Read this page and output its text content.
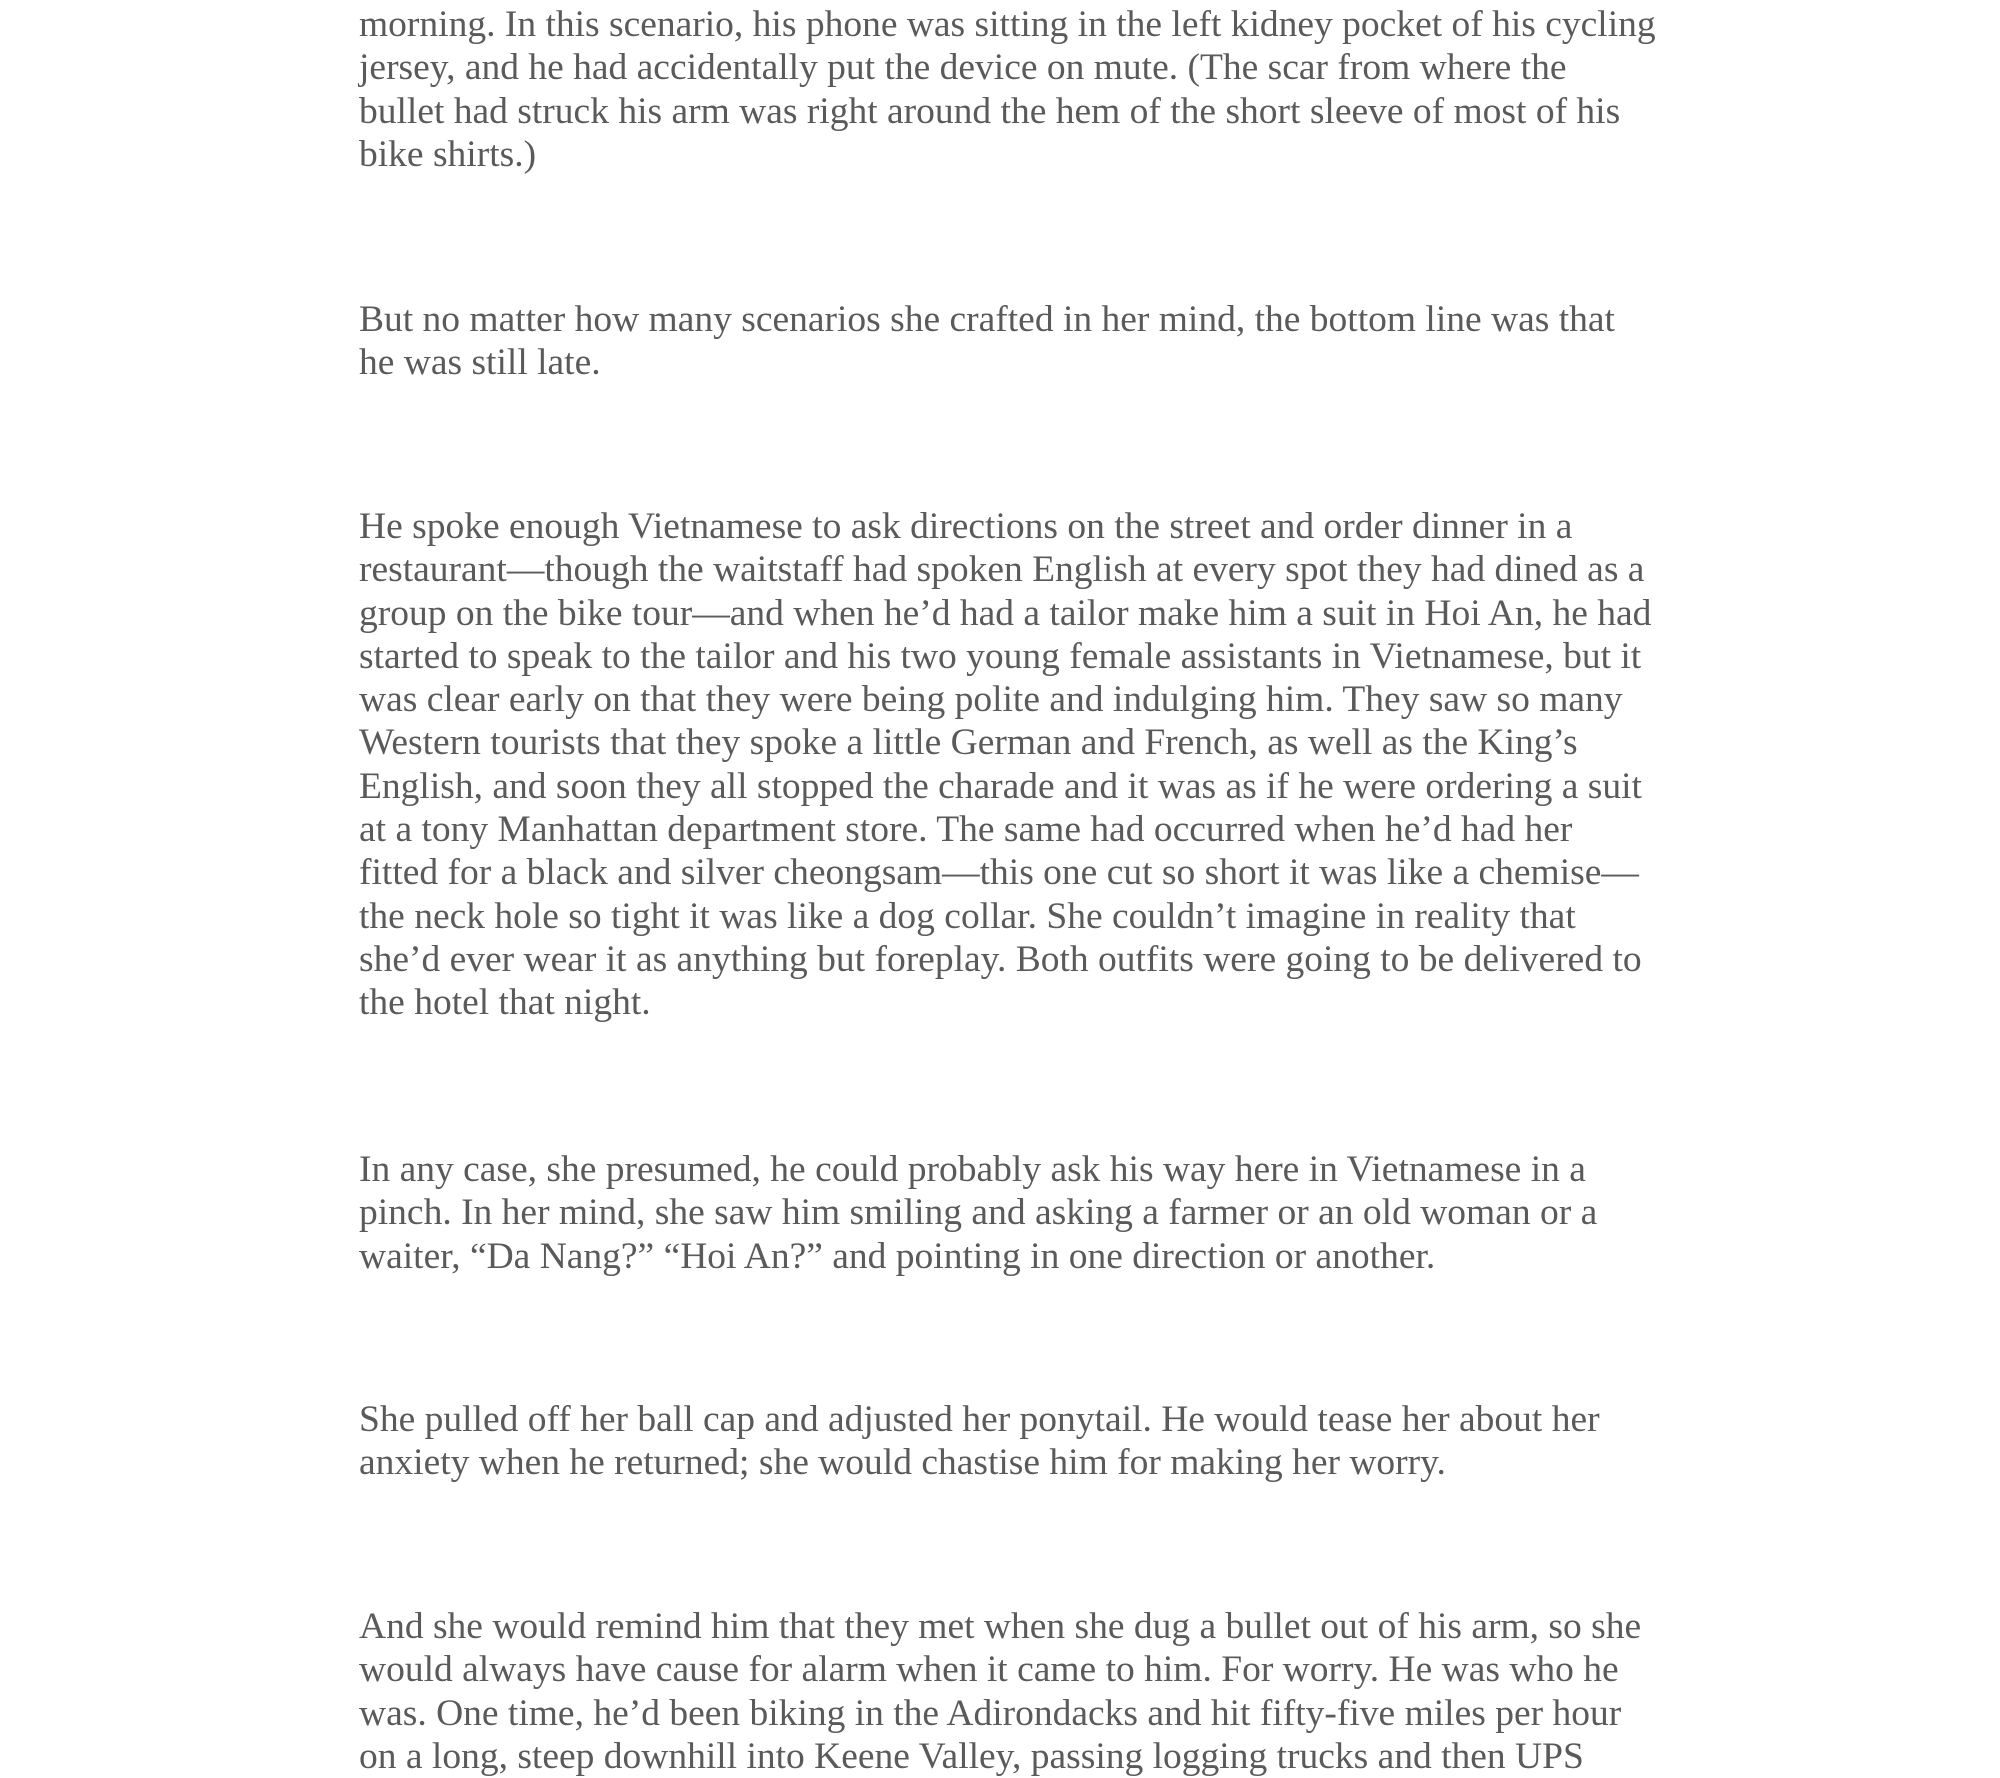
morning. In this scenario, his phone was sitting in the left kidney pocket of his cycling
jersey, and he had accidentally put the device on mute. (The scar from where the
bullet had struck his arm was right around the hem of the short sleeve of most of his
bike shirts.)

But no matter how many scenarios she crafted in her mind, the bottom line was that
he was still late.

He spoke enough Vietnamese to ask directions on the street and order dinner in a
restaurant—though the waitstaff had spoken English at every spot they had dined as a
group on the bike tour—and when he’d had a tailor make him a suit in Hoi An, he had
started to speak to the tailor and his two young female assistants in Vietnamese, but it
was clear early on that they were being polite and indulging him. They saw so many
Western tourists that they spoke a little German and French, as well as the King’s
English, and soon they all stopped the charade and it was as if he were ordering a suit
at a tony Manhattan department store. The same had occurred when he’d had her
fitted for a black and silver cheongsam—this one cut so short it was like a chemise—
the neck hole so tight it was like a dog collar. She couldn’t imagine in reality that
she’d ever wear it as anything but foreplay. Both outfits were going to be delivered to
the hotel that night.

In any case, she presumed, he could probably ask his way here in Vietnamese in a
pinch. In her mind, she saw him smiling and asking a farmer or an old woman or a
waiter, “Da Nang?” “Hoi An?” and pointing in one direction or another.

She pulled off her ball cap and adjusted her ponytail. He would tease her about her
anxiety when he returned; she would chastise him for making her worry.

And she would remind him that they met when she dug a bullet out of his arm, so she
would always have cause for alarm when it came to him. For worry. He was who he
was. One time, he’d been biking in the Adirondacks and hit fifty-five miles per hour
on a long, steep downhill into Keene Valley, passing logging trucks and then UPS
